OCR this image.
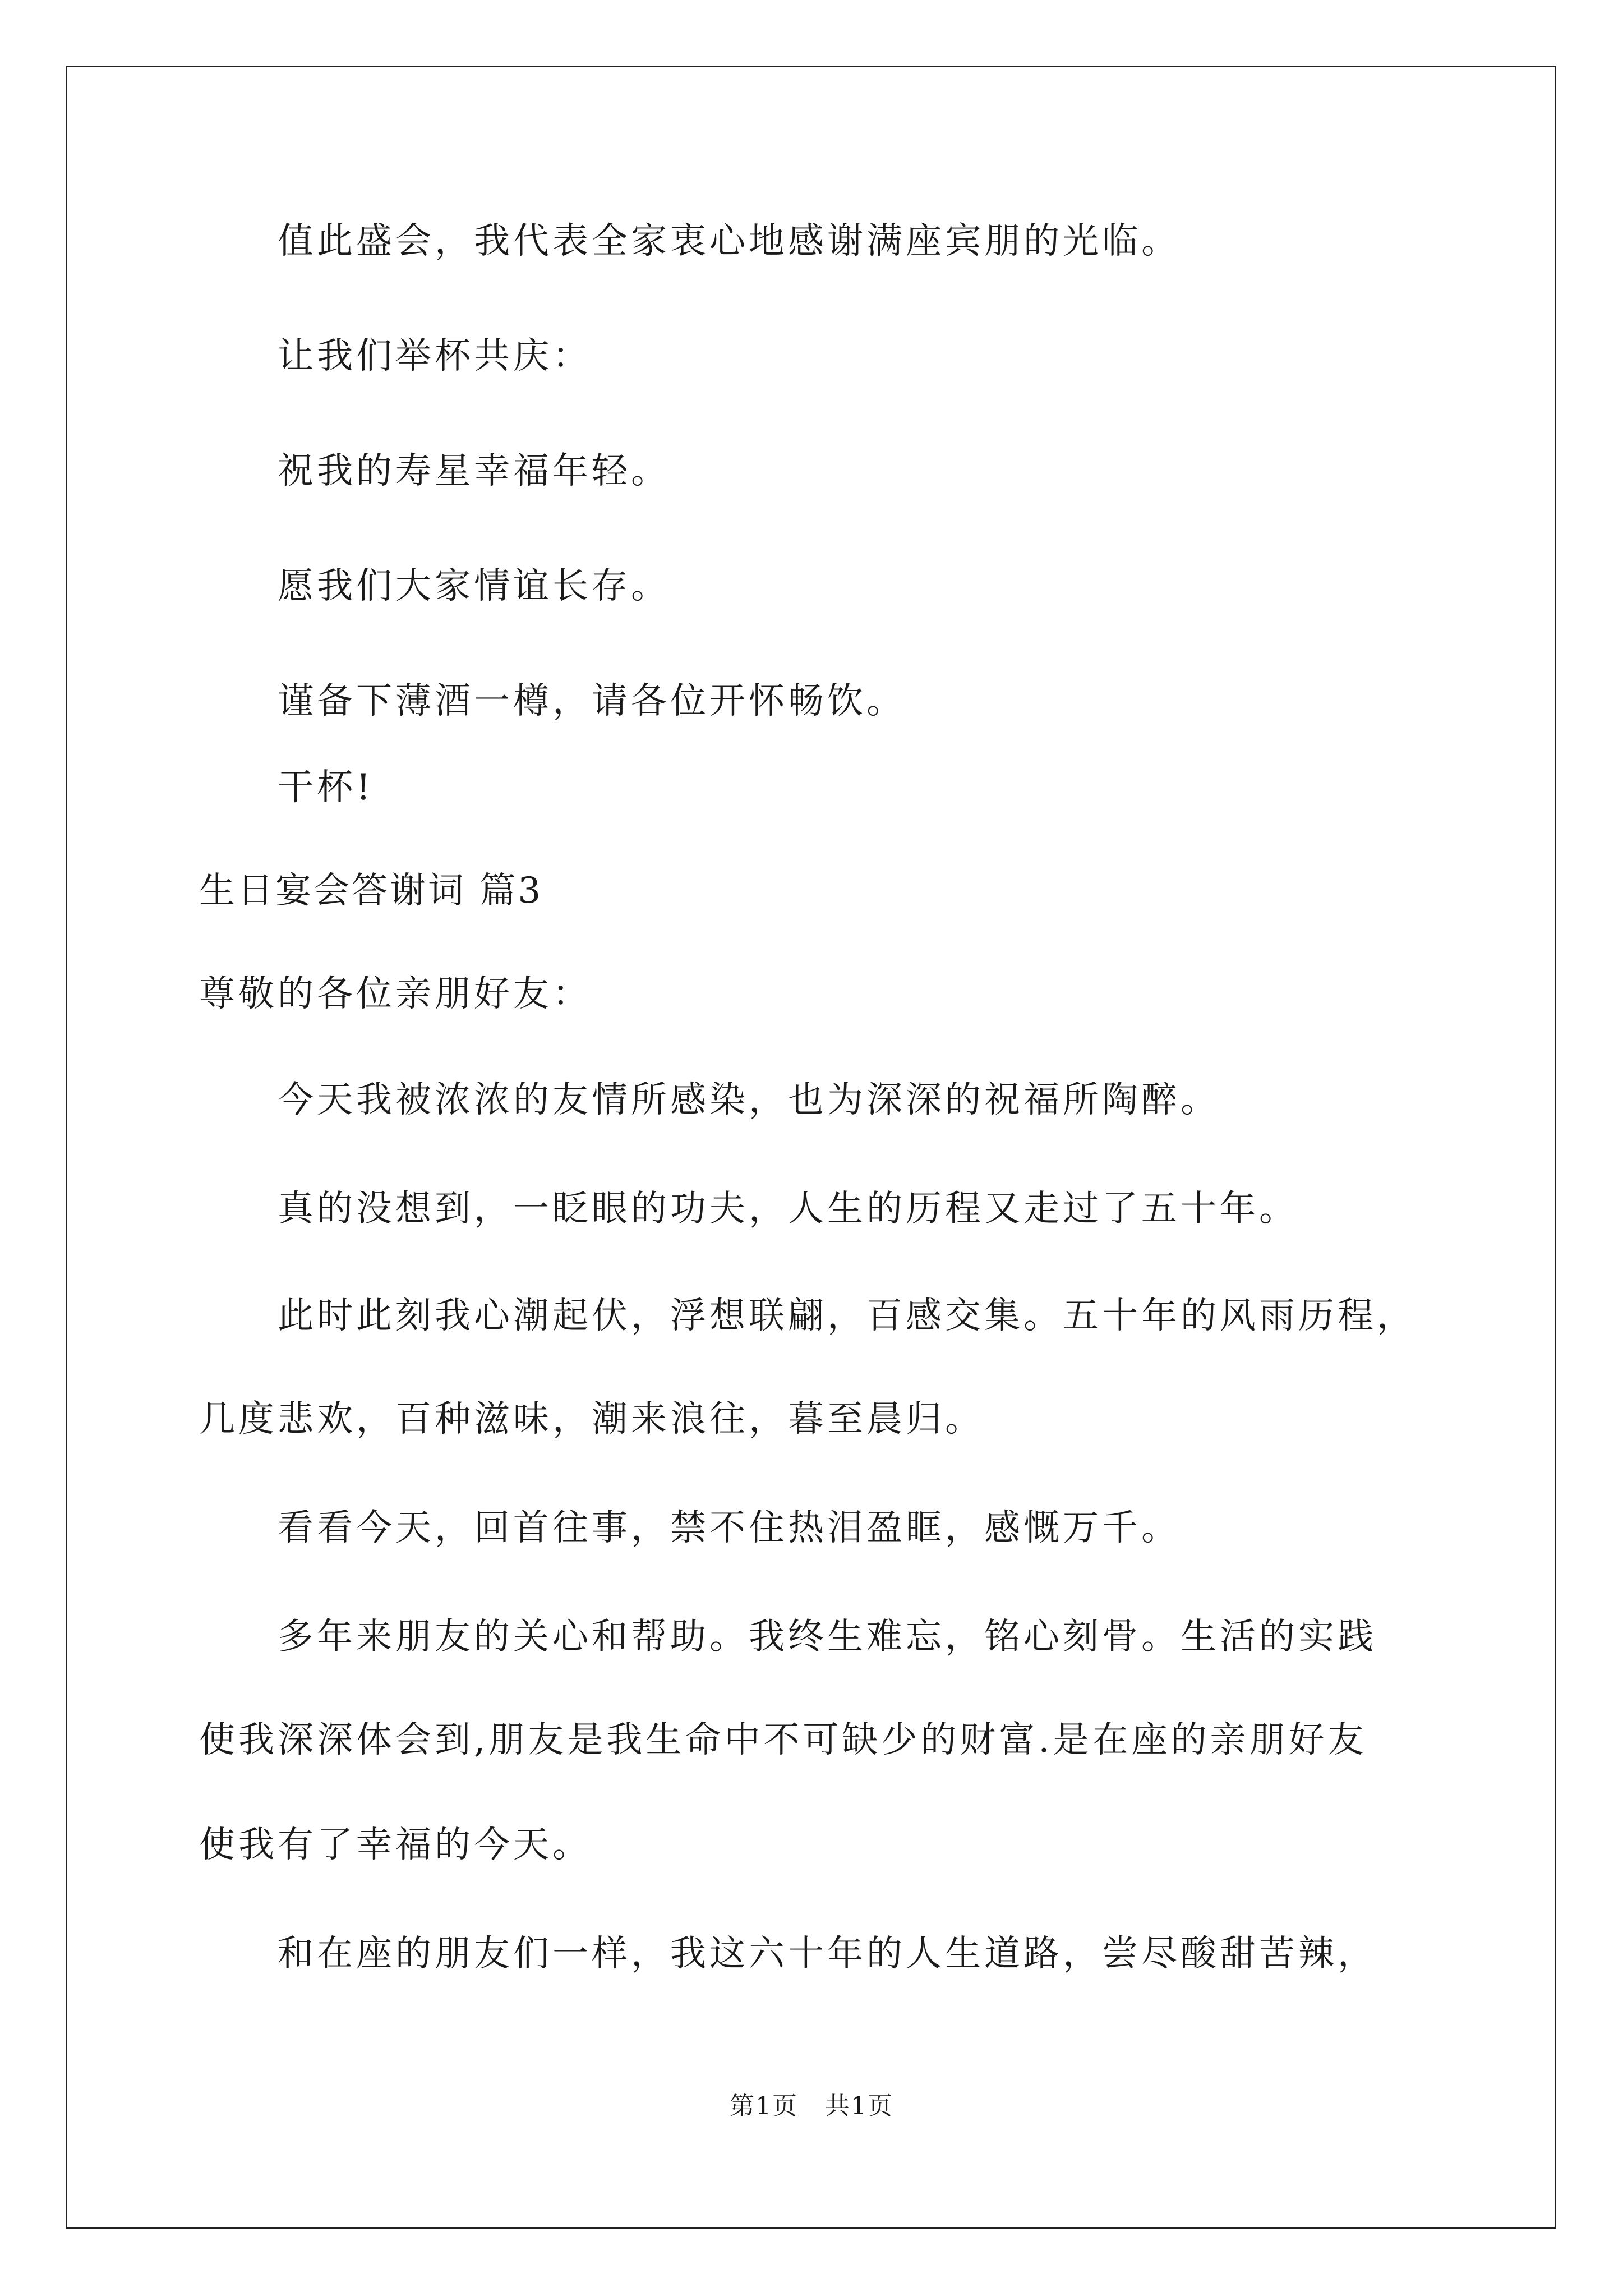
　　值此盛会，我代表全家衷心地感谢满座宾朋的光临。
　　让我们举杯共庆：
　　祝我的寿星幸福年轻。
　　愿我们大家情谊长存。
　　谨备下薄酒一樽，请各位开怀畅饮。
　　干杯!
生日宴会答谢词 篇3
尊敬的各位亲朋好友：
　　今天我被浓浓的友情所感染，也为深深的祝福所陶醉。
　　真的没想到，一眨眼的功夫，人生的历程又走过了五十年。
　　此时此刻我心潮起伏，浮想联翩，百感交集。五十年的风雨历程，
几度悲欢，百种滋味，潮来浪往，暮至晨归。
　　看看今天，回首往事，禁不住热泪盈眶，感慨万千。
　　多年来朋友的关心和帮助。我终生难忘，铭心刻骨。生活的实践
使我深深体会到,朋友是我生命中不可缺少的财富.是在座的亲朋好友
使我有了幸福的今天。
　　和在座的朋友们一样，我这六十年的人生道路，尝尽酸甜苦辣，
第1页 共1页
